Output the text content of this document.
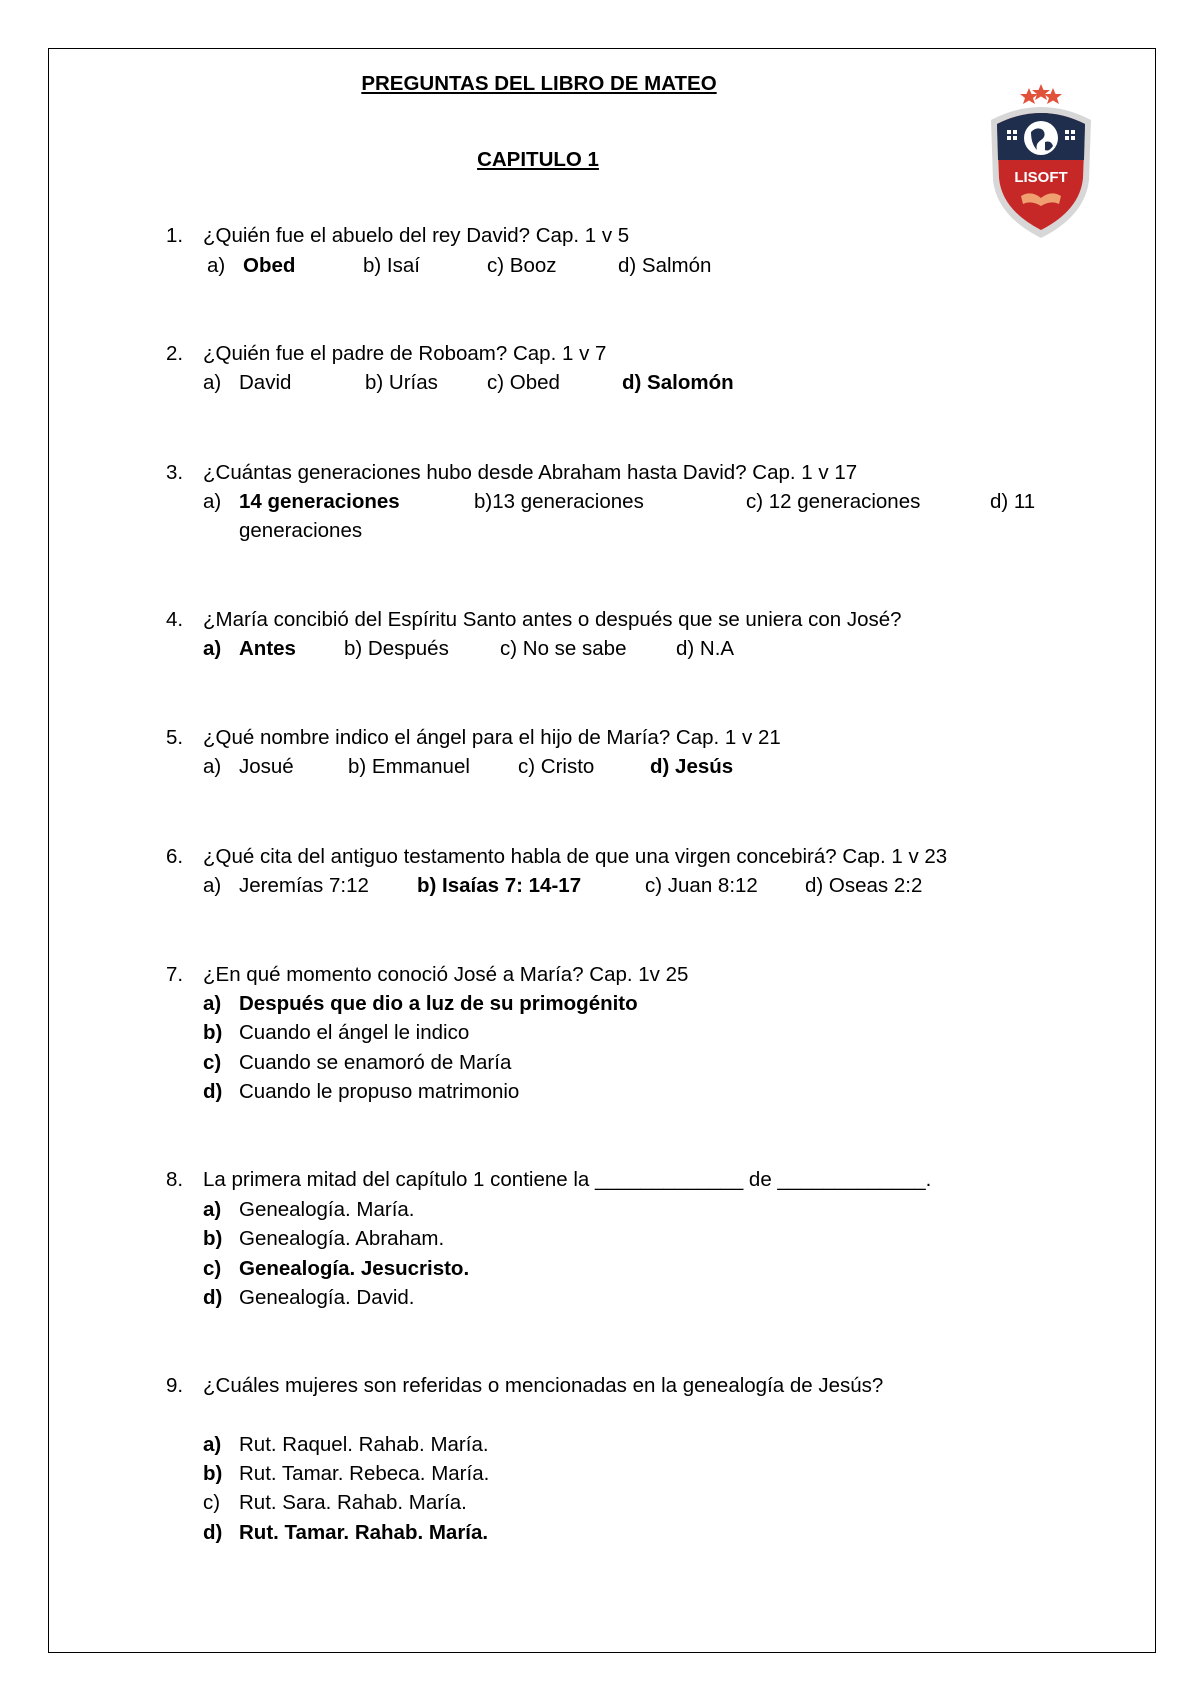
PREGUNTAS DEL LIBRO DE MATEO
CAPITULO 1
LISOFT
1. ¿Quién fue el abuelo del rey David? Cap. 1 v 5
a) Obed	b) Isaí	c) Booz	d) Salmón
2. ¿Quién fue el padre de Roboam? Cap. 1 v 7
a) David	b) Urías c) Obed	d) Salomón
3. ¿Cuántas generaciones hubo desde Abraham hasta David? Cap. 1 v 17
a) 14 generaciones	b)13 generaciones	c) 12 generaciones	d) 11
generaciones
4. ¿María concibió del Espíritu Santo antes o después que se uniera con José?
a) Antes b) Después c) No se sabe d) N.A
5. ¿Qué nombre indico el ángel para el hijo de María? Cap. 1 v 21
a) Josué	b) Emmanuel c) Cristo	d) Jesús
6. ¿Qué cita del antiguo testamento habla de que una virgen concebirá? Cap. 1 v 23
a) Jeremías 7:12 b) Isaías 7: 14-17	c) Juan 8:12 d) Oseas 2:2
7. ¿En qué momento conoció José a María? Cap. 1v 25
a) Después que dio a luz de su primogénito
b) Cuando el ángel le indico
c) Cuando se enamoró de María
d) Cuando le propuso matrimonio
8. La primera mitad del capítulo 1 contiene la _____________ de _____________.
a) Genealogía. María.
b) Genealogía. Abraham.
c) Genealogía. Jesucristo.
d) Genealogía. David.
9. ¿Cuáles mujeres son referidas o mencionadas en la genealogía de Jesús?
a) Rut. Raquel. Rahab. María.
b) Rut. Tamar. Rebeca. María.
c) Rut. Sara. Rahab. María.
d) Rut. Tamar. Rahab. María.
